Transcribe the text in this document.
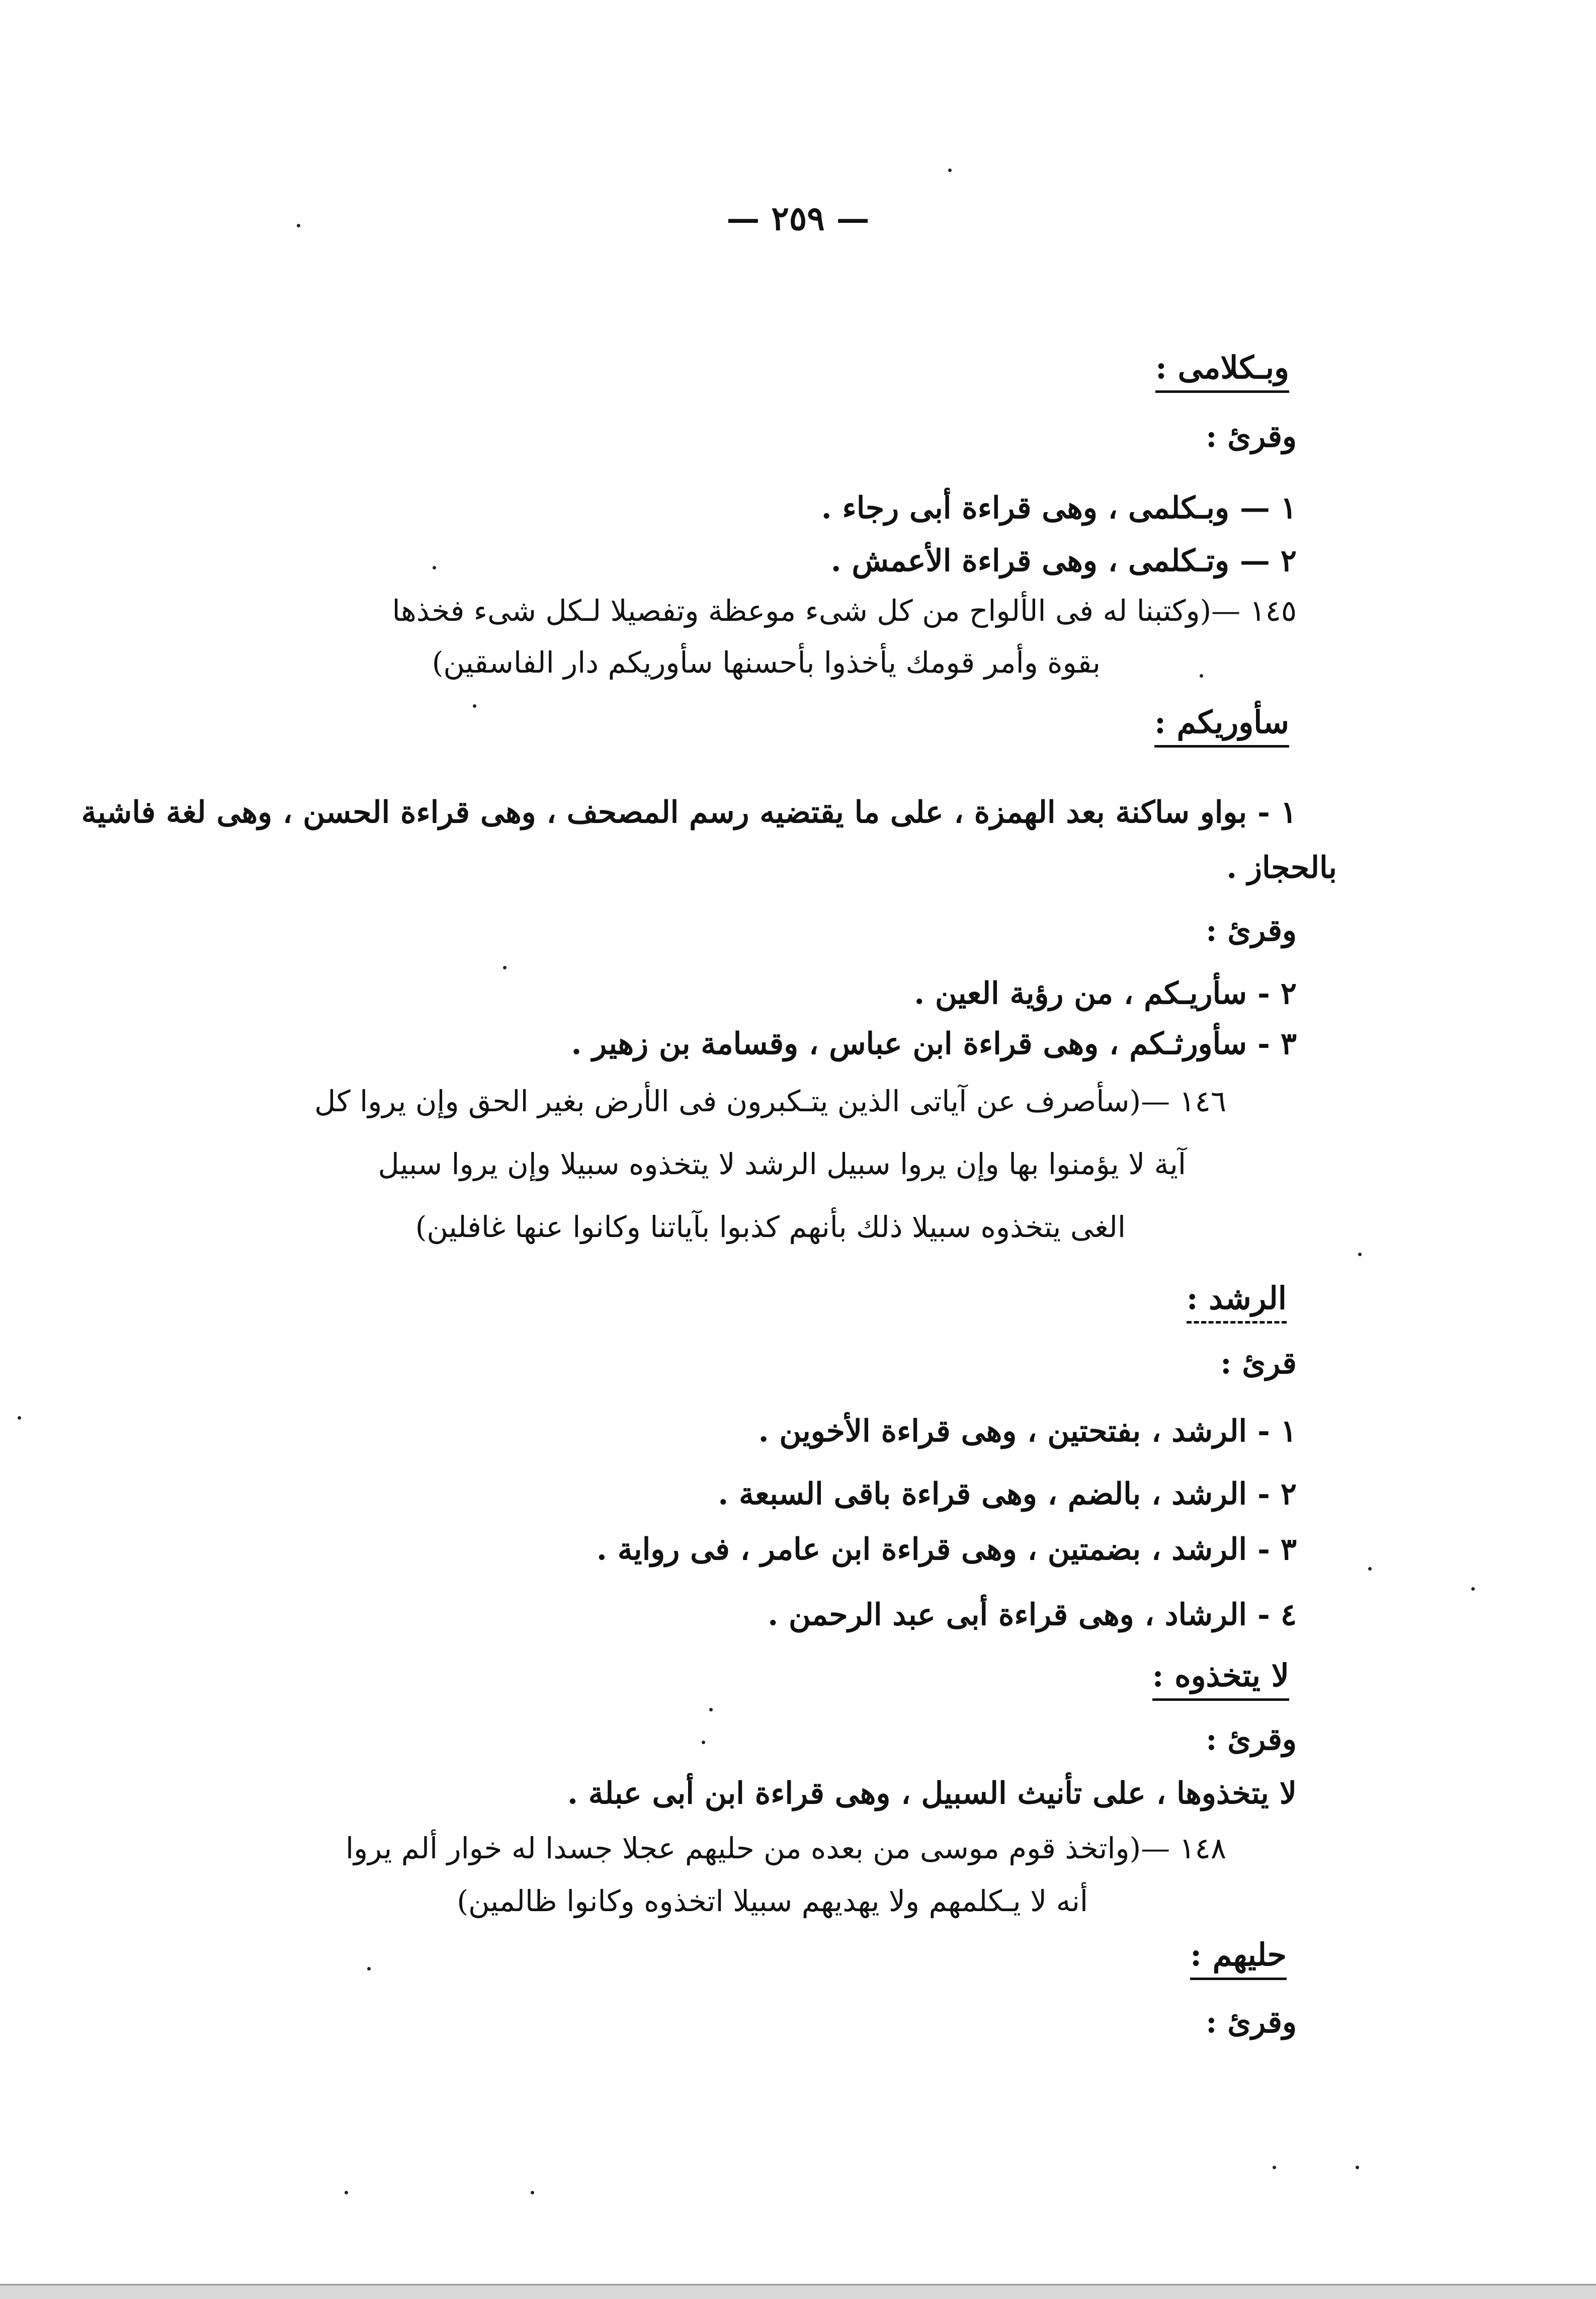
— ٢٥٩ —
وبـكلامى :
وقرئ :
١ — وبـكلمى ، وهى قراءة أبى رجاء .
٢ — وتـكلمى ، وهى قراءة الأعمش .
١٤٥ —(وكتبنا له فى الألواح من كل شىء موعظة وتفصيلا لـكل شىء فخذها
بقوة وأمر قومك يأخذوا بأحسنها سأوريكم دار الفاسقين)
سأوريكم :
١ - بواو ساكنة بعد الهمزة ، على ما يقتضيه رسم المصحف ، وهى قراءة الحسن ، وهى لغة فاشية
بالحجاز .
وقرئ :
٢ - سأريـكم ، من رؤية العين .
٣ - سأورثـكم ، وهى قراءة ابن عباس ، وقسامة بن زهير .
١٤٦ —(سأصرف عن آياتى الذين يتـكبرون فى الأرض بغير الحق وإن يروا كل
آية لا يؤمنوا بها وإن يروا سبيل الرشد لا يتخذوه سبيلا وإن يروا سبيل
الغى يتخذوه سبيلا ذلك بأنهم كذبوا بآياتنا وكانوا عنها غافلين)
الرشد :
قرئ :
١ - الرشد ، بفتحتين ، وهى قراءة الأخوين .
٢ - الرشد ، بالضم ، وهى قراءة باقى السبعة .
٣ - الرشد ، بضمتين ، وهى قراءة ابن عامر ، فى رواية .
٤ - الرشاد ، وهى قراءة أبى عبد الرحمن .
لا يتخذوه :
وقرئ :
لا يتخذوها ، على تأنيث السبيل ، وهى قراءة ابن أبى عبلة .
١٤٨ —(واتخذ قوم موسى من بعده من حليهم عجلا جسدا له خوار ألم يروا
أنه لا يـكلمهم ولا يهديهم سبيلا اتخذوه وكانوا ظالمين)
حليهم :
وقرئ :
